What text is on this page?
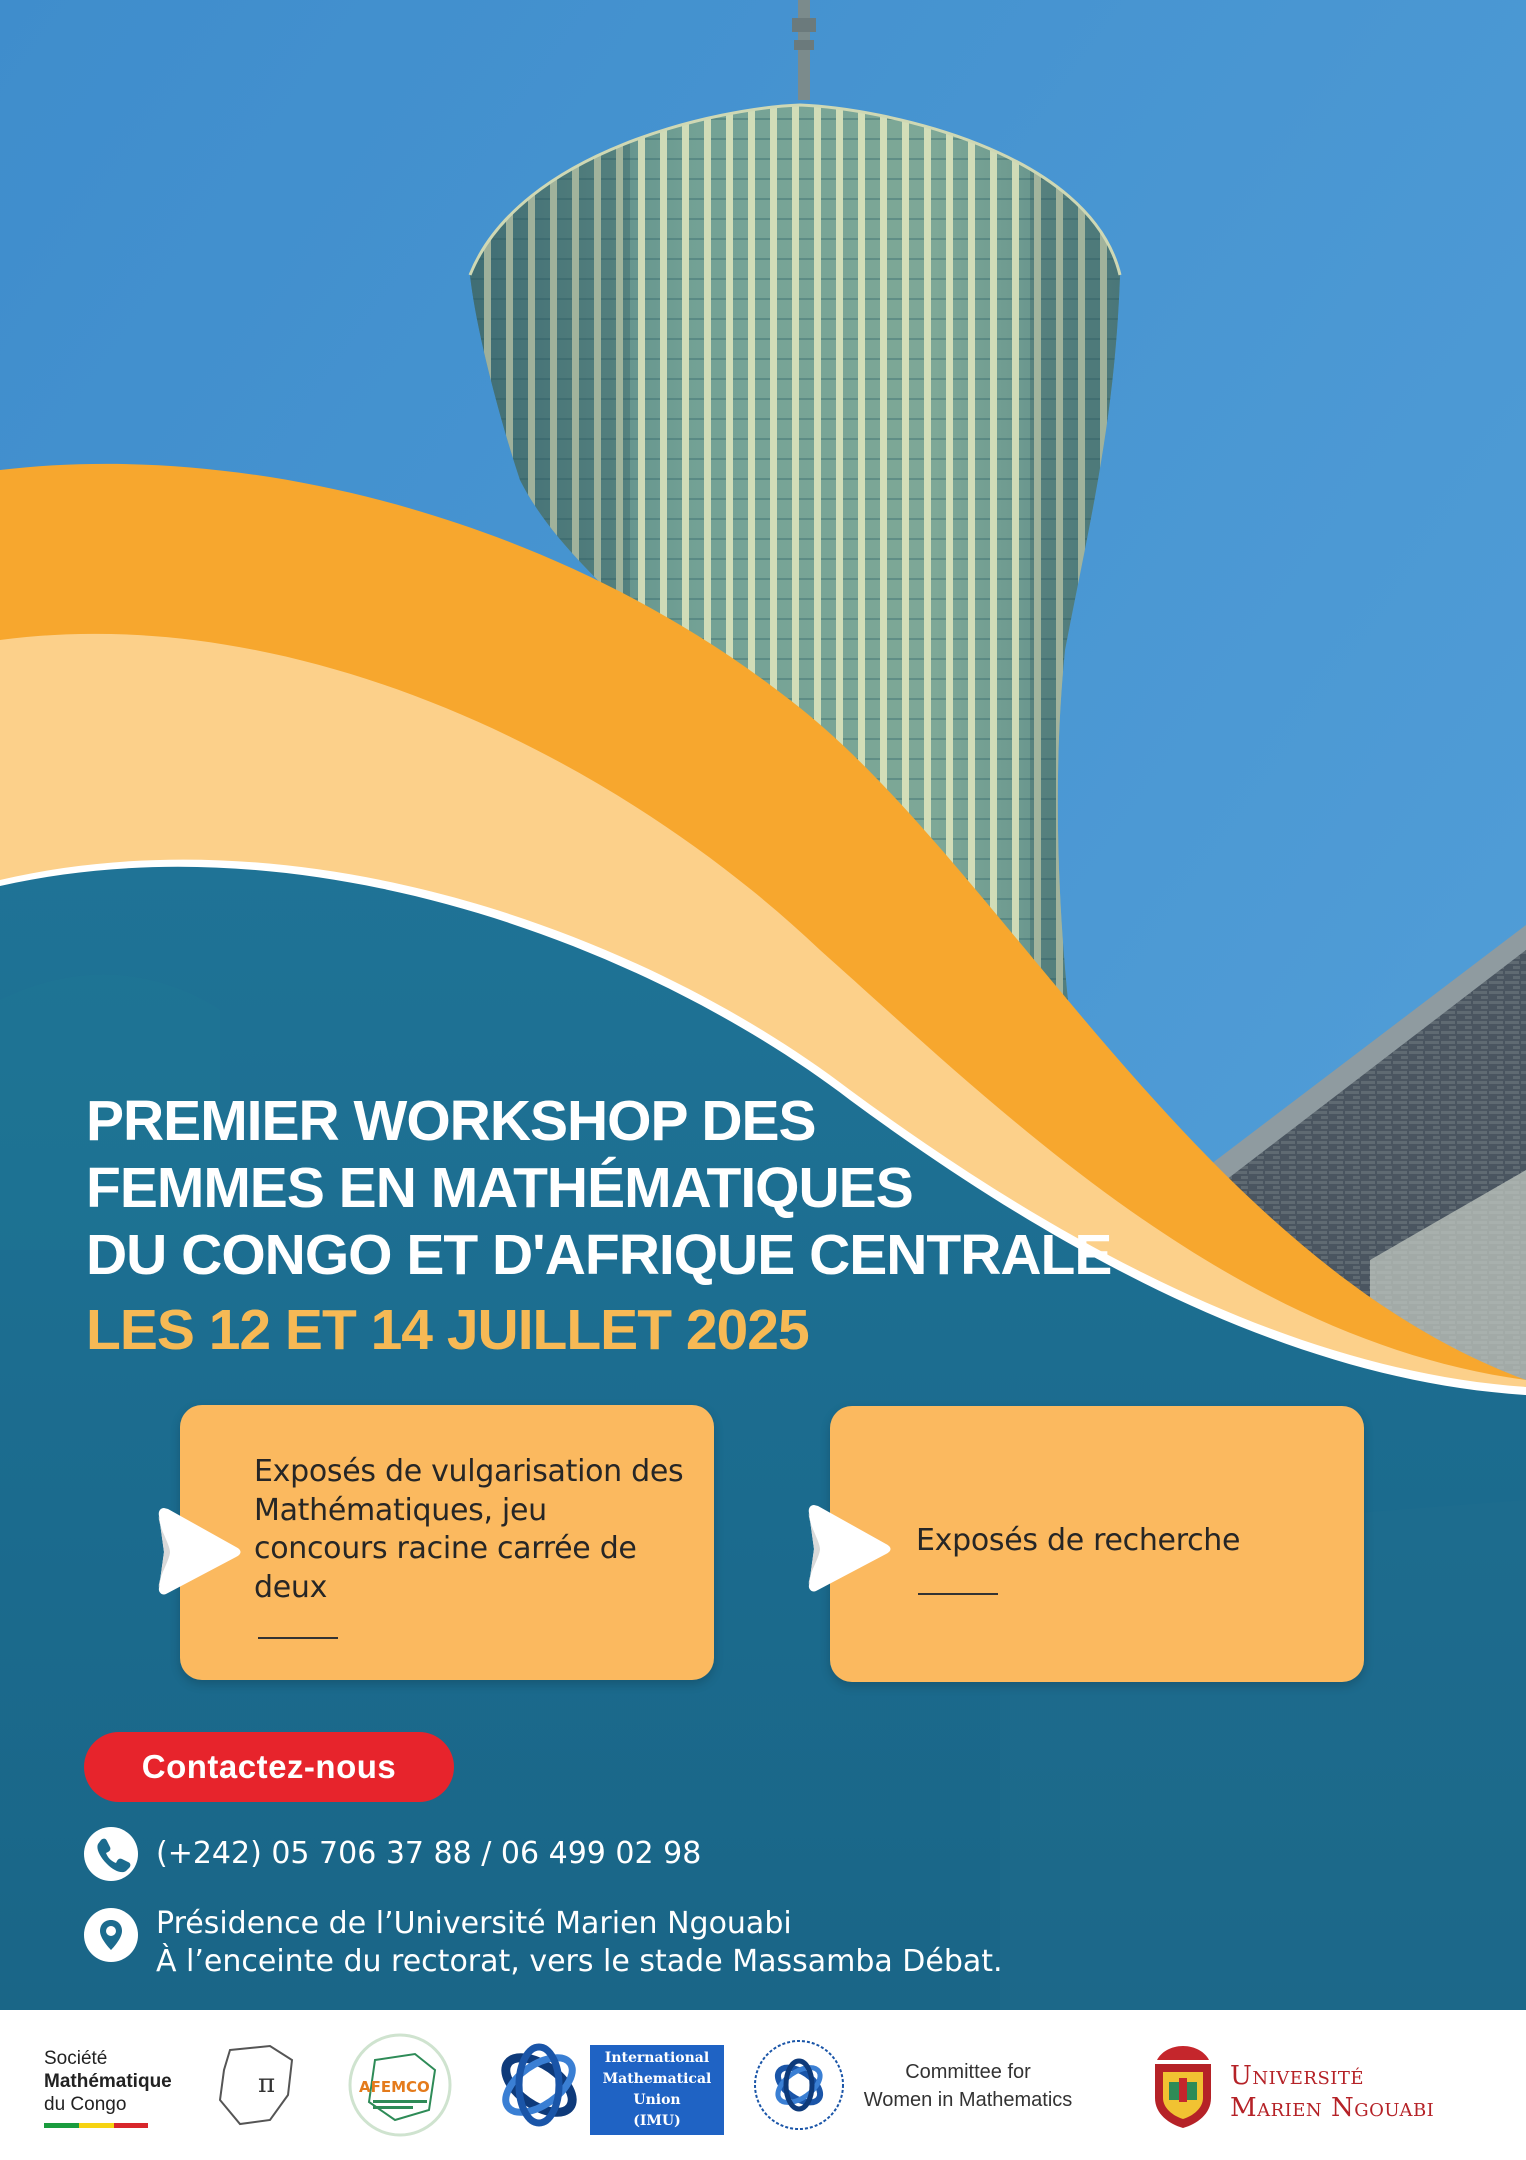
PREMIER WORKSHOP DES
FEMMES EN MATHÉMATIQUES
DU CONGO ET D'AFRIQUE CENTRALE
LES 12 ET 14 JUILLET 2025
Exposés de vulgarisation des Mathématiques, jeu concours racine carrée de deux
Exposés de recherche
Contactez-nous
(+242) 05 706 37 88 / 06 499 02 98
Présidence de l’Université Marien Ngouabi
À l’enceinte du rectorat, vers le stade Massamba Débat.
Société
Mathématique
du Congo
π	AFEMCO
International
Mathematical
Union
(IMU)
Committee for
Women in Mathematics
Université
Marien Ngouabi
